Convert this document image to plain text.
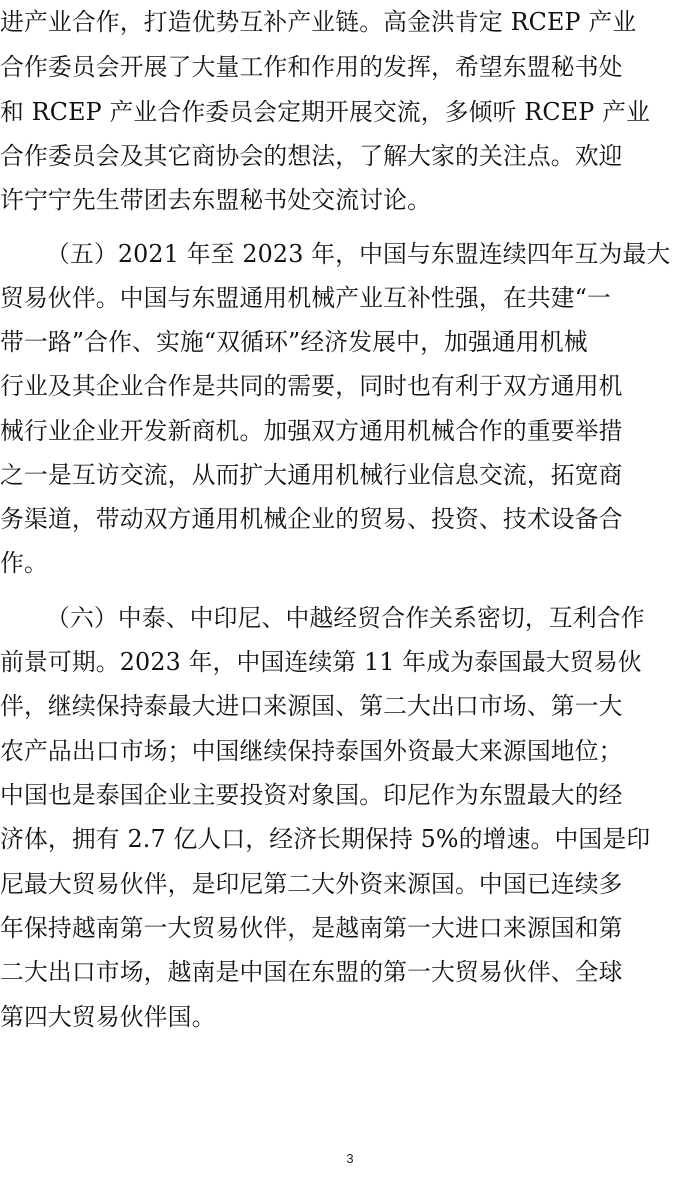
进产业合作，打造优势互补产业链。高金洪肯定 RCEP 产业
合作委员会开展了大量工作和作用的发挥，希望东盟秘书处
和 RCEP 产业合作委员会定期开展交流，多倾听 RCEP 产业
合作委员会及其它商协会的想法，了解大家的关注点。欢迎
许宁宁先生带团去东盟秘书处交流讨论。
（五）2021 年至 2023 年，中国与东盟连续四年互为最大
贸易伙伴。中国与东盟通用机械产业互补性强，在共建“一
带一路”合作、实施“双循环”经济发展中，加强通用机械
行业及其企业合作是共同的需要，同时也有利于双方通用机
械行业企业开发新商机。加强双方通用机械合作的重要举措
之一是互访交流，从而扩大通用机械行业信息交流，拓宽商
务渠道，带动双方通用机械企业的贸易、投资、技术设备合
作。
（六）中泰、中印尼、中越经贸合作关系密切，互利合作
前景可期。2023 年，中国连续第 11 年成为泰国最大贸易伙
伴，继续保持泰最大进口来源国、第二大出口市场、第一大
农产品出口市场；中国继续保持泰国外资最大来源国地位；
中国也是泰国企业主要投资对象国。印尼作为东盟最大的经
济体，拥有 2.7 亿人口，经济长期保持 5%的增速。中国是印
尼最大贸易伙伴，是印尼第二大外资来源国。中国已连续多
年保持越南第一大贸易伙伴，是越南第一大进口来源国和第
二大出口市场，越南是中国在东盟的第一大贸易伙伴、全球
第四大贸易伙伴国。
3
